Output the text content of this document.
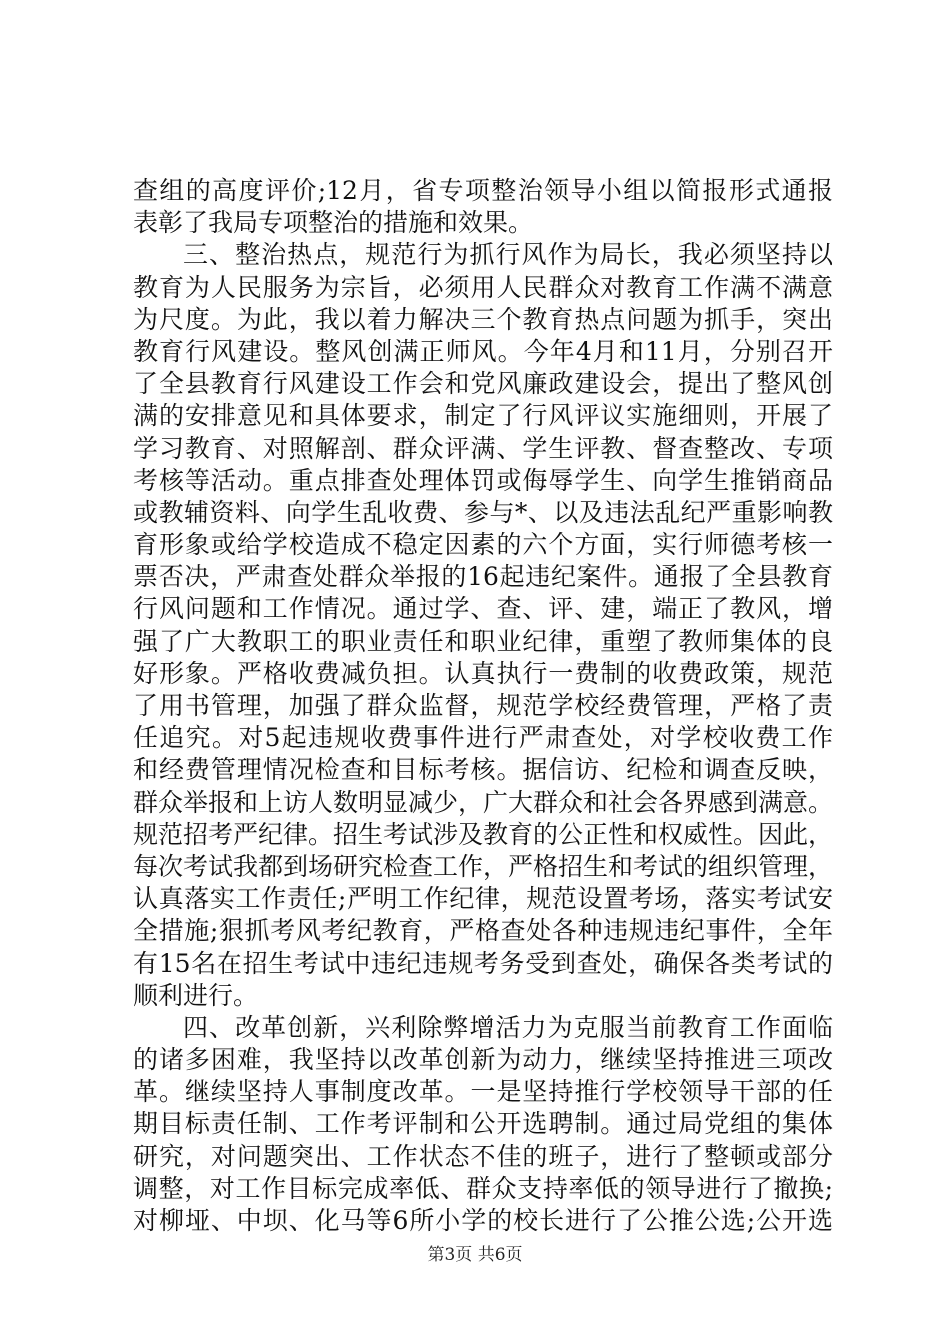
查组的高度评价;12月，省专项整治领导小组以简报形式通报
表彰了我局专项整治的措施和效果。
三、整治热点，规范行为抓行风作为局长，我必须坚持以
教育为人民服务为宗旨，必须用人民群众对教育工作满不满意
为尺度。为此，我以着力解决三个教育热点问题为抓手，突出
教育行风建设。整风创满正师风。今年4月和11月，分别召开
了全县教育行风建设工作会和党风廉政建设会，提出了整风创
满的安排意见和具体要求，制定了行风评议实施细则，开展了
学习教育、对照解剖、群众评满、学生评教、督查整改、专项
考核等活动。重点排查处理体罚或侮辱学生、向学生推销商品
或教辅资料、向学生乱收费、参与*、以及违法乱纪严重影响教
育形象或给学校造成不稳定因素的六个方面，实行师德考核一
票否决，严肃查处群众举报的16起违纪案件。通报了全县教育
行风问题和工作情况。通过学、查、评、建，端正了教风，增
强了广大教职工的职业责任和职业纪律，重塑了教师集体的良
好形象。严格收费减负担。认真执行一费制的收费政策，规范
了用书管理，加强了群众监督，规范学校经费管理，严格了责
任追究。对5起违规收费事件进行严肃查处，对学校收费工作
和经费管理情况检查和目标考核。据信访、纪检和调查反映，
群众举报和上访人数明显减少，广大群众和社会各界感到满意。
规范招考严纪律。招生考试涉及教育的公正性和权威性。因此，
每次考试我都到场研究检查工作，严格招生和考试的组织管理，
认真落实工作责任;严明工作纪律，规范设置考场，落实考试安
全措施;狠抓考风考纪教育，严格查处各种违规违纪事件，全年
有15名在招生考试中违纪违规考务受到查处，确保各类考试的
顺利进行。
四、改革创新，兴利除弊增活力为克服当前教育工作面临
的诸多困难，我坚持以改革创新为动力，继续坚持推进三项改
革。继续坚持人事制度改革。一是坚持推行学校领导干部的任
期目标责任制、工作考评制和公开选聘制。通过局党组的集体
研究，对问题突出、工作状态不佳的班子，进行了整顿或部分
调整，对工作目标完成率低、群众支持率低的领导进行了撤换;
对柳垭、中坝、化马等6所小学的校长进行了公推公选;公开选
第3页 共6页
